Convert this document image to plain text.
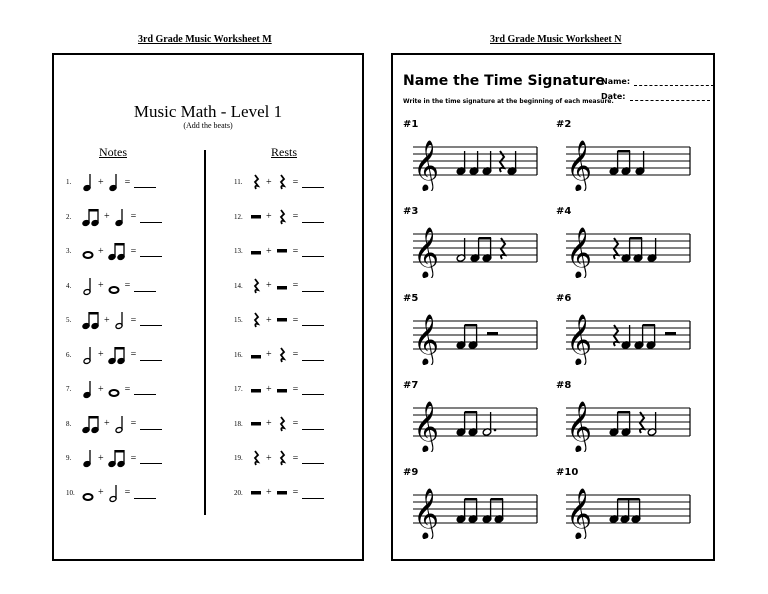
3rd Grade Music Worksheet M	3rd Grade Music Worksheet N
Music Math - Level 1
(Add the beats)
Notes	Rests
1.	+ =
2.	+ =
3.	+	=
4.	+ =
5.	+ =
6.	+	=
7.	+ =
8.	+ =
9.	+	=
10.	+ =
11.	+ =
12.	+ =
13.	+ =
14.	+ =
15.	+ =
16.	+ =
17.	+ =
18.	+ =
19.	+ =
20.	+ =
Name the Time Signature
Name:
Date:
Write in the time signature at the beginning of each measure.
#1
𝄞
#2
𝄞
#3
𝄞
#4
𝄞
#5
𝄞
#6
𝄞
#7
𝄞
#8
𝄞
#9
𝄞
#10
𝄞
